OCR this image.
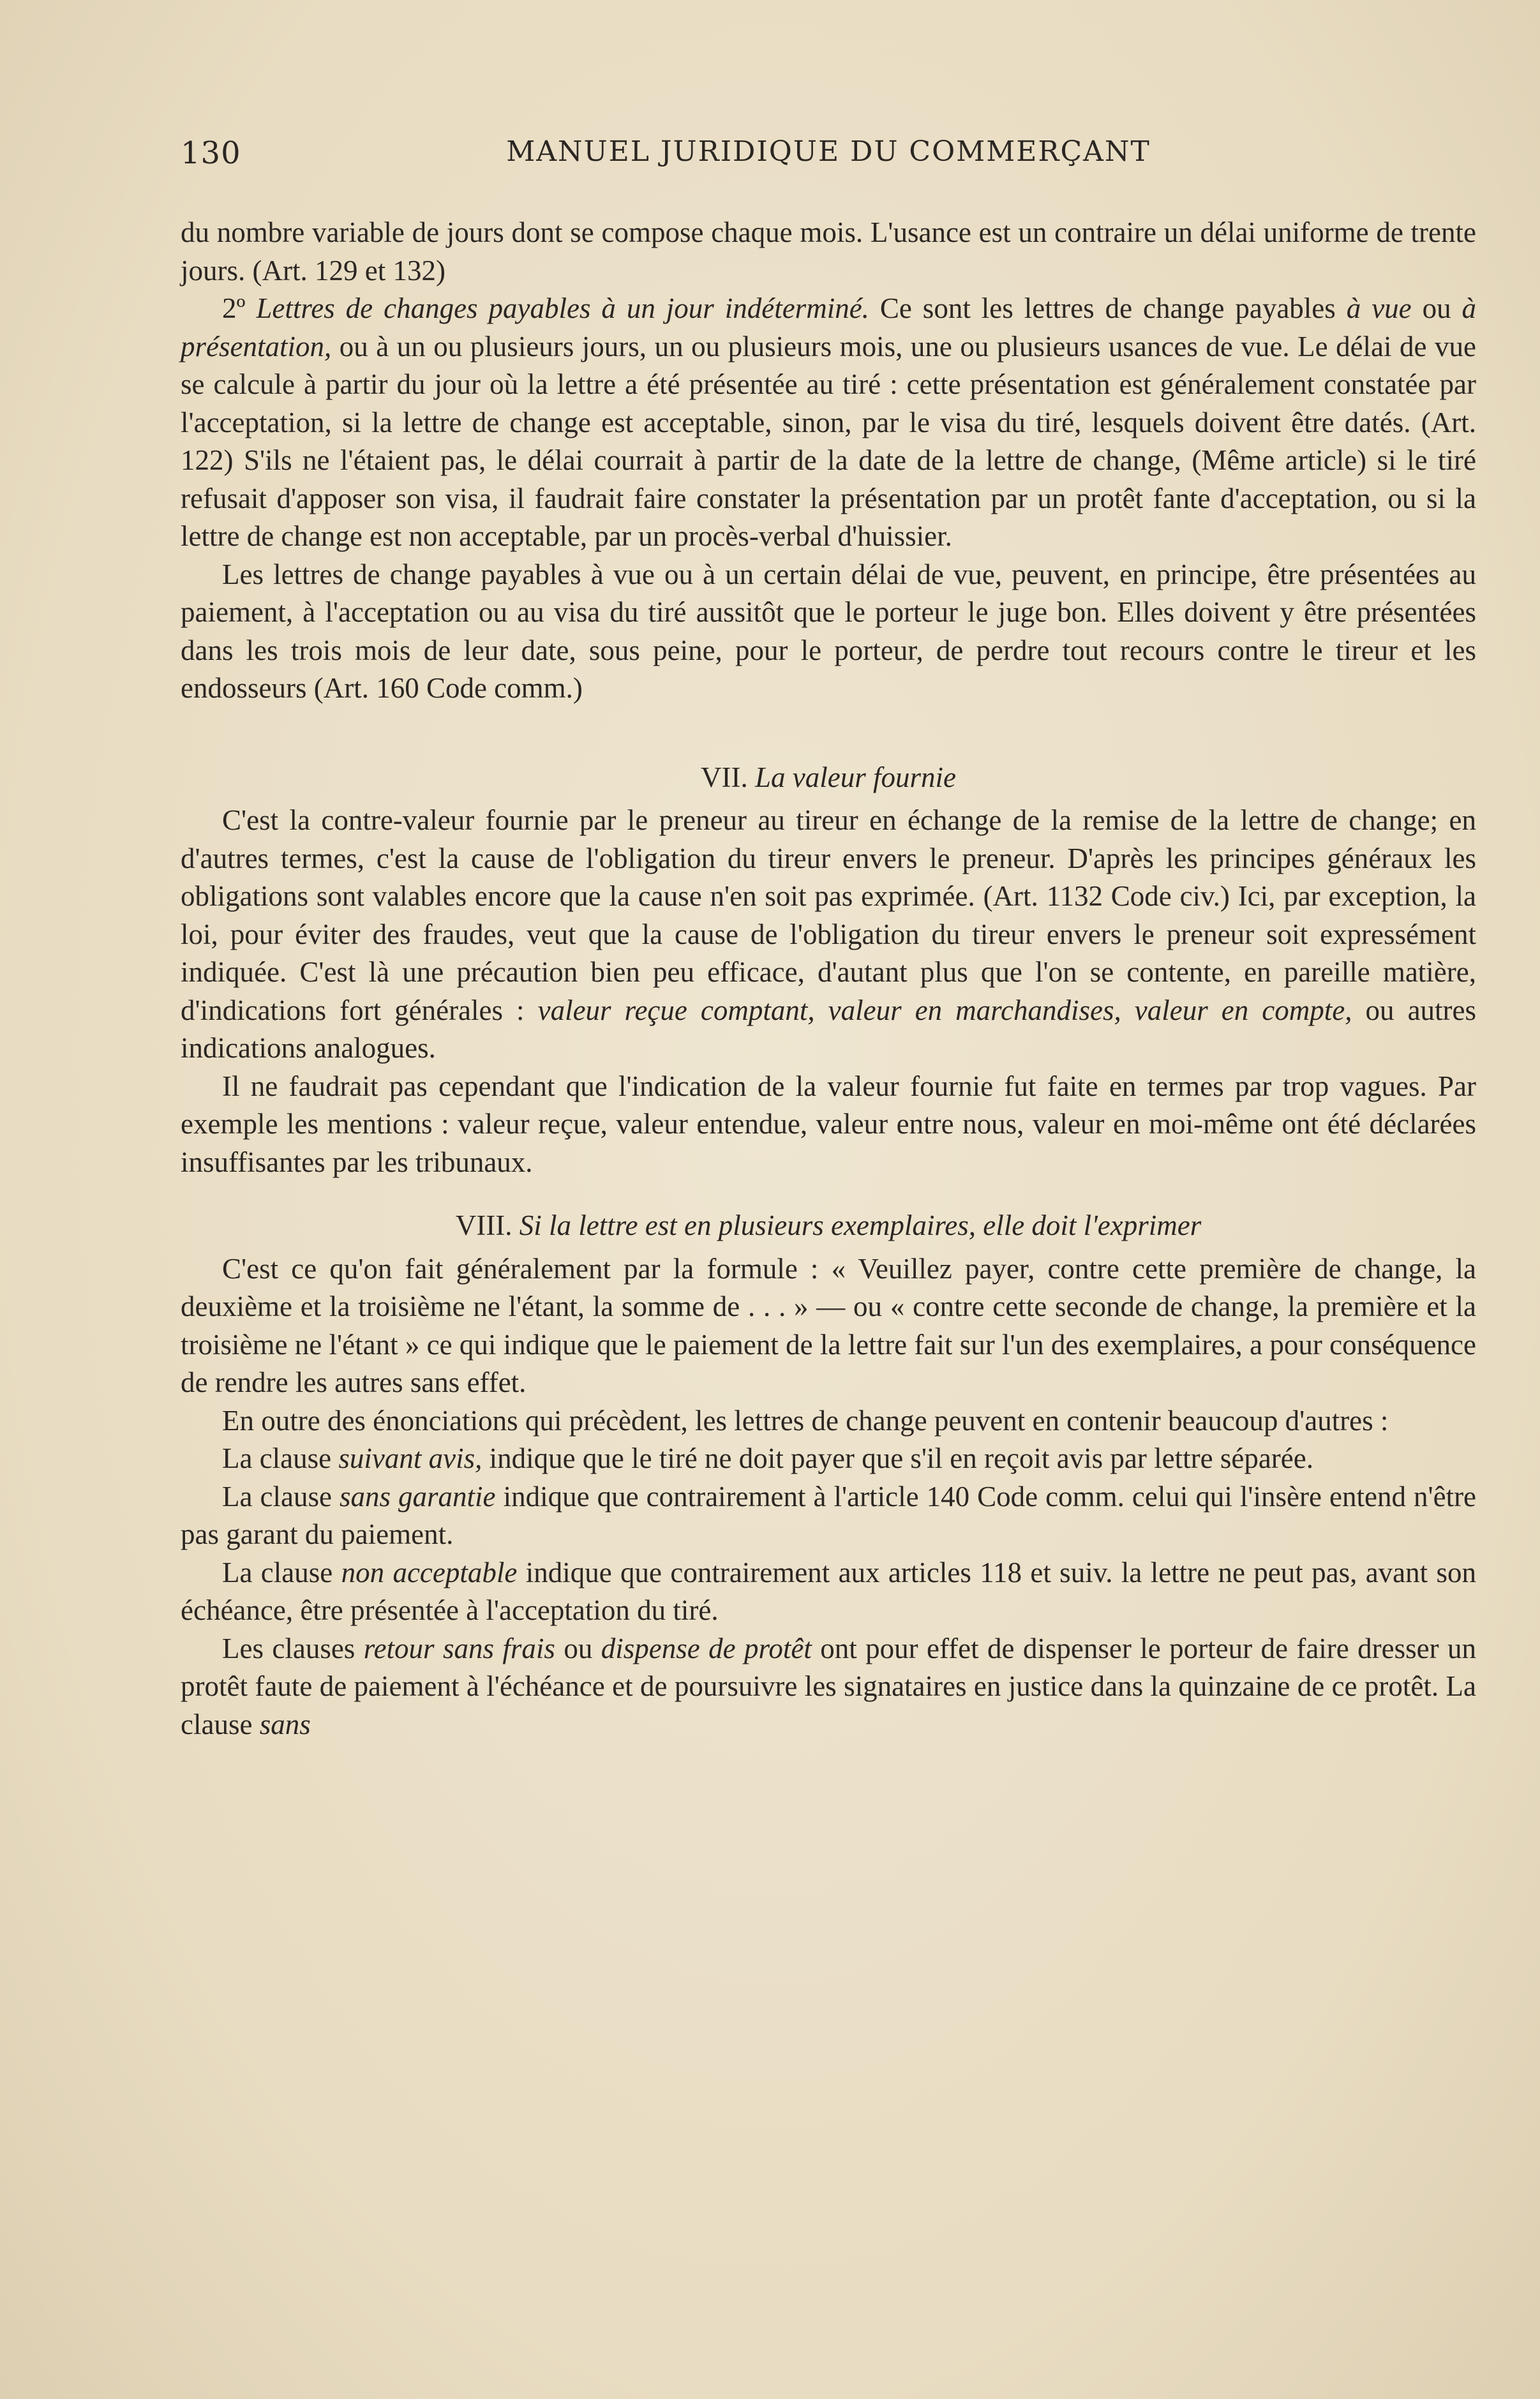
130	MANUEL JURIDIQUE DU COMMERÇANT

du nombre variable de jours dont se compose chaque mois. L'usance est un contraire un délai uniforme de trente jours. (Art. 129 et 132)

2º Lettres de changes payables à un jour indéterminé. Ce sont les lettres de change payables à vue ou à présentation, ou à un ou plusieurs jours, un ou plusieurs mois, une ou plusieurs usances de vue. Le délai de vue se calcule à partir du jour où la lettre a été présentée au tiré : cette présentation est généralement constatée par l'acceptation, si la lettre de change est acceptable, sinon, par le visa du tiré, lesquels doivent être datés. (Art. 122) S'ils ne l'étaient pas, le délai courrait à partir de la date de la lettre de change, (Même article) si le tiré refusait d'apposer son visa, il faudrait faire constater la présentation par un protêt fante d'acceptation, ou si la lettre de change est non acceptable, par un procès-verbal d'huissier.

Les lettres de change payables à vue ou à un certain délai de vue, peuvent, en principe, être présentées au paiement, à l'acceptation ou au visa du tiré aussitôt que le porteur le juge bon. Elles doivent y être présentées dans les trois mois de leur date, sous peine, pour le porteur, de perdre tout recours contre le tireur et les endosseurs (Art. 160 Code comm.)

VII. La valeur fournie

C'est la contre-valeur fournie par le preneur au tireur en échange de la remise de la lettre de change; en d'autres termes, c'est la cause de l'obligation du tireur envers le preneur. D'après les principes généraux les obligations sont valables encore que la cause n'en soit pas exprimée. (Art. 1132 Code civ.) Ici, par exception, la loi, pour éviter des fraudes, veut que la cause de l'obligation du tireur envers le preneur soit expressément indiquée. C'est là une précaution bien peu efficace, d'autant plus que l'on se contente, en pareille matière, d'indications fort générales : valeur reçue comptant, valeur en marchandises, valeur en compte, ou autres indications analogues.

Il ne faudrait pas cependant que l'indication de la valeur fournie fut faite en termes par trop vagues. Par exemple les mentions : valeur reçue, valeur entendue, valeur entre nous, valeur en moi-même ont été déclarées insuffisantes par les tribunaux.

VIII. Si la lettre est en plusieurs exemplaires, elle doit l'exprimer

C'est ce qu'on fait généralement par la formule : « Veuillez payer, contre cette première de change, la deuxième et la troisième ne l'étant, la somme de . . . » — ou « contre cette seconde de change, la première et la troisième ne l'étant » ce qui indique que le paiement de la lettre fait sur l'un des exemplaires, a pour conséquence de rendre les autres sans effet.

En outre des énonciations qui précèdent, les lettres de change peuvent en contenir beaucoup d'autres :

La clause suivant avis, indique que le tiré ne doit payer que s'il en reçoit avis par lettre séparée.

La clause sans garantie indique que contrairement à l'article 140 Code comm. celui qui l'insère entend n'être pas garant du paiement.

La clause non acceptable indique que contrairement aux articles 118 et suiv. la lettre ne peut pas, avant son échéance, être présentée à l'acceptation du tiré.

Les clauses retour sans frais ou dispense de protêt ont pour effet de dispenser le porteur de faire dresser un protêt faute de paiement à l'échéance et de poursuivre les signataires en justice dans la quinzaine de ce protêt. La clause sans
